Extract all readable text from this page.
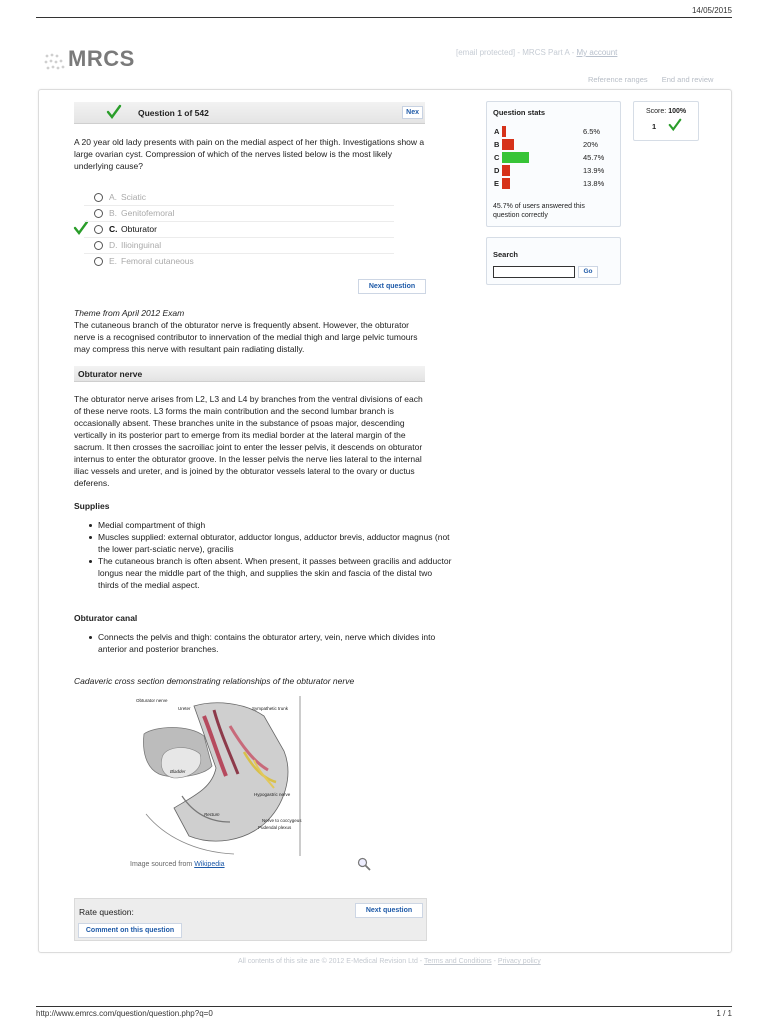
14/05/2015
MRCS	[email protected] - MRCS Part A - My account
Reference ranges End and review
Question 1 of 542	Nex
A 20 year old lady presents with pain on the medial aspect of her thigh. Investigations show a large ovarian cyst. Compression of which of the nerves listed below is the most likely underlying cause?
A. Sciatic
B. Genitofemoral
C. Obturator
D. Ilioinguinal
E. Femoral cutaneous
Next question
Theme from April 2012 Exam
The cutaneous branch of the obturator nerve is frequently absent. However, the obturator nerve is a recognised contributor to innervation of the medial thigh and large pelvic tumours may compress this nerve with resultant pain radiating distally.
Obturator nerve
The obturator nerve arises from L2, L3 and L4 by branches from the ventral divisions of each of these nerve roots. L3 forms the main contribution and the second lumbar branch is occasionally absent. These branches unite in the substance of psoas major, descending vertically in its posterior part to emerge from its medial border at the lateral margin of the sacrum. It then crosses the sacroiliac joint to enter the lesser pelvis, it descends on obturator internus to enter the obturator groove. In the lesser pelvis the nerve lies lateral to the internal iliac vessels and ureter, and is joined by the obturator vessels lateral to the ovary or ductus deferens.
Supplies
Medial compartment of thigh
Muscles supplied: external obturator, adductor longus, adductor brevis, adductor magnus (not the lower part-sciatic nerve), gracilis
The cutaneous branch is often absent. When present, it passes between gracilis and adductor longus near the middle part of the thigh, and supplies the skin and fascia of the distal two thirds of the medial aspect.
Obturator canal
Connects the pelvis and thigh: contains the obturator artery, vein, nerve which divides into anterior and posterior branches.
Cadaveric cross section demonstrating relationships of the obturator nerve
Obturator nerve
Ureter	Sympathetic trunk
Bladder
Hypogastric nerve
Rectum
Nerve to coccygeus
Pudendal plexus
Image sourced from Wikipedia
Rate question:	Next question
Comment on this question
Question stats
A	6.5%
B	20%
C	45.7%
D	13.9%
E	13.8%
45.7% of users answered this question correctly
Search
Go
Score: 100%
1
All contents of this site are © 2012 E-Medical Revision Ltd - Terms and Conditions - Privacy policy
http://www.emrcs.com/question/question.php?q=0	1 / 1
